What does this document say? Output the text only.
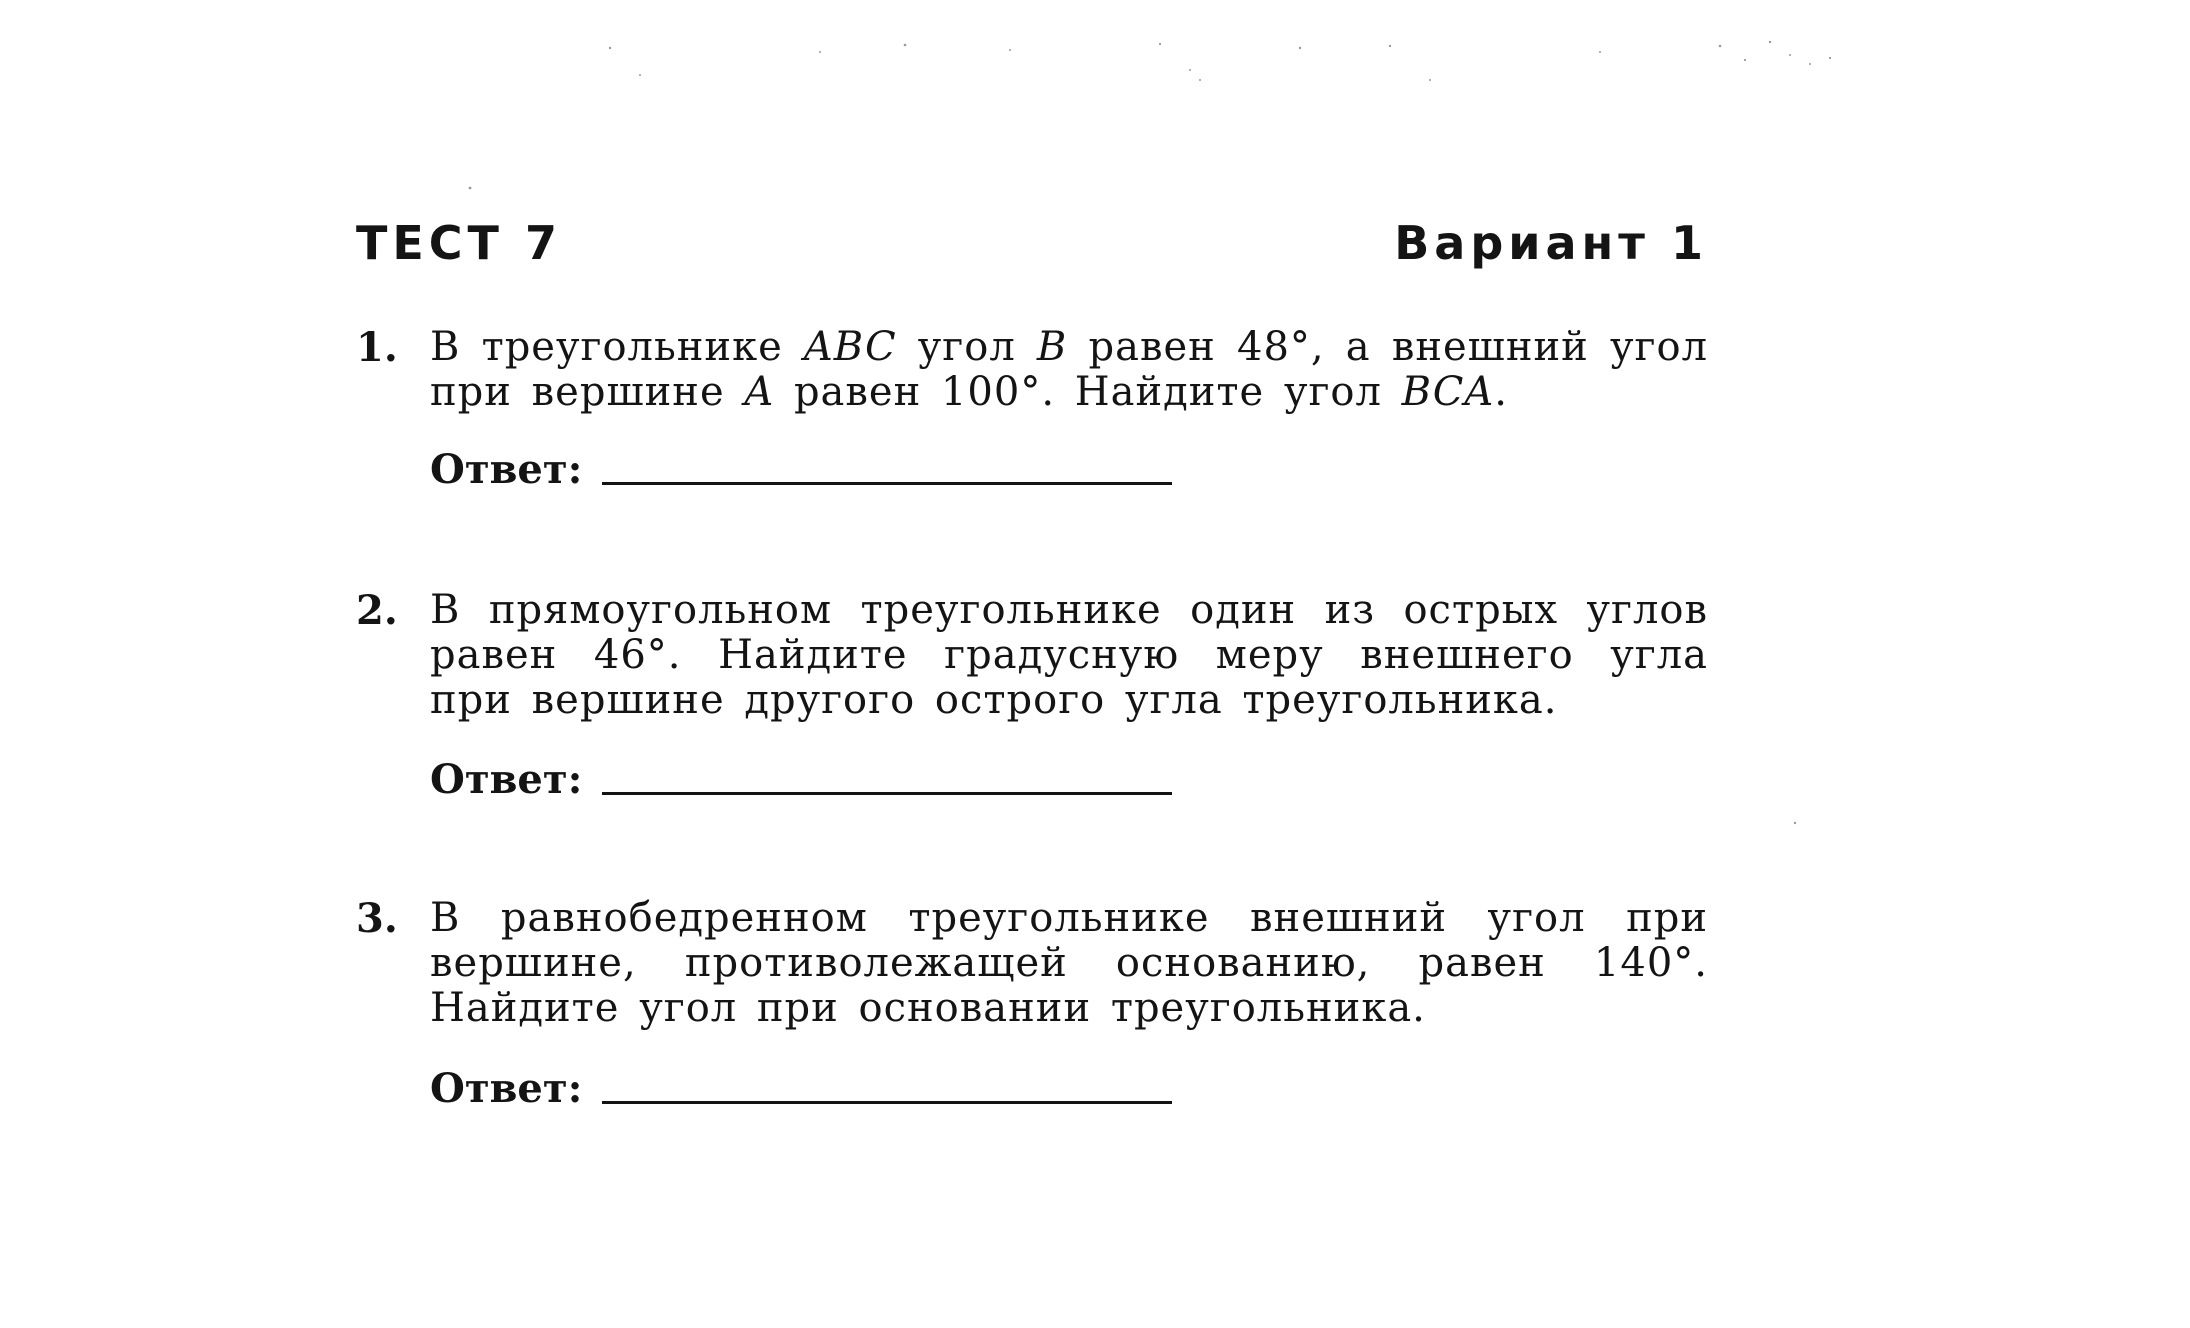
ТЕСТ 7	Вариант 1
1. В треугольнике ABC угол B равен 48°, а внешний угол при вершине A равен 100°. Найдите угол BCA.
Ответ:
2. В прямоугольном треугольнике один из острых углов равен 46°. Найдите градусную меру внешнего угла при вершине другого острого угла треугольника.
Ответ:
3. В равнобедренном треугольнике внешний угол при вершине, противолежащей основанию, равен 140°. Найдите угол при основании треугольника.
Ответ:
